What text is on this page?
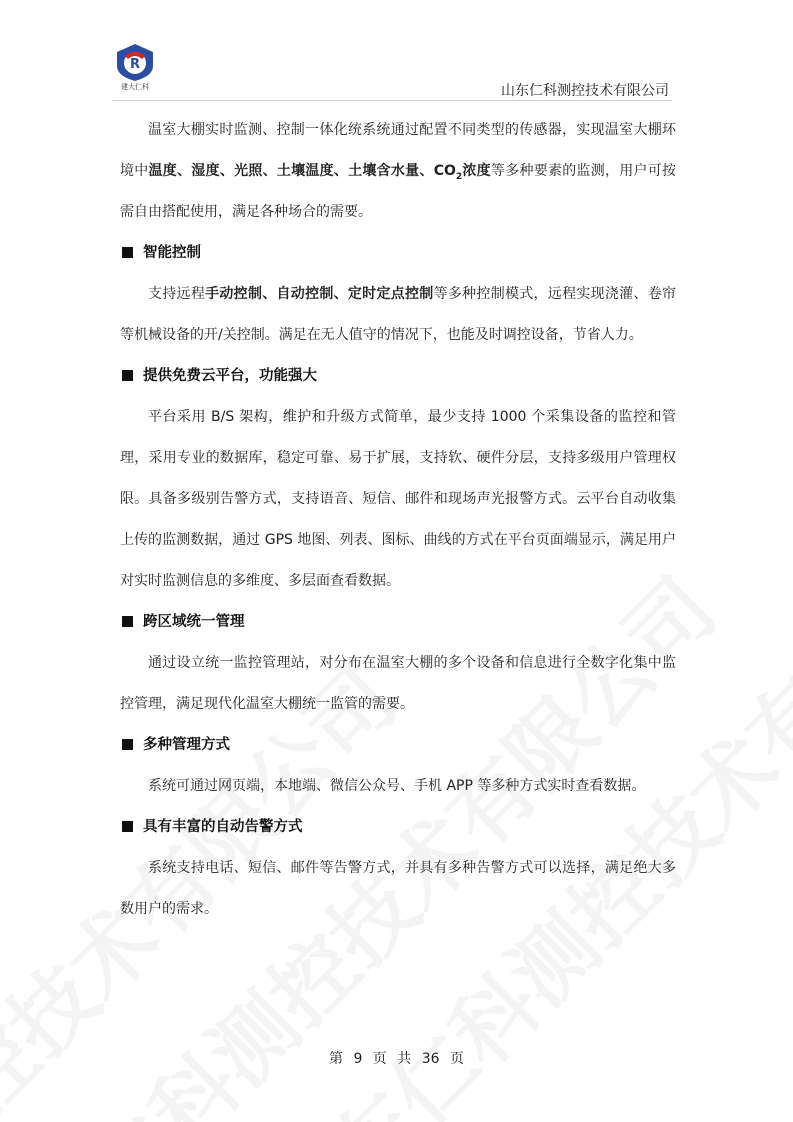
R
建大仁科	山东仁科测控技术有限公司

温室大棚实时监测、控制一体化统系统通过配置不同类型的传感器，实现温室大棚环境中温度、湿度、光照、土壤温度、土壤含水量、$CO_2$浓度等多种要素的监测，用户可按需自由搭配使用，满足各种场合的需要。

智能控制

支持远程手动控制、自动控制、定时定点控制等多种控制模式，远程实现浇灌、卷帘等机械设备的开/关控制。满足在无人值守的情况下，也能及时调控设备，节省人力。

提供免费云平台，功能强大

平台采用 B/S 架构，维护和升级方式简单，最少支持 1000 个采集设备的监控和管理，采用专业的数据库，稳定可靠、易于扩展，支持软、硬件分层，支持多级用户管理权限。具备多级别告警方式，支持语音、短信、邮件和现场声光报警方式。云平台自动收集上传的监测数据，通过 GPS 地图、列表、图标、曲线的方式在平台页面端显示，满足用户对实时监测信息的多维度、多层面查看数据。

跨区域统一管理

通过设立统一监控管理站，对分布在温室大棚的多个设备和信息进行全数字化集中监控管理，满足现代化温室大棚统一监管的需要。

多种管理方式

系统可通过网页端，本地端、微信公众号、手机 APP 等多种方式实时查看数据。

具有丰富的自动告警方式

系统支持电话、短信、邮件等告警方式，并具有多种告警方式可以选择，满足绝大多数用户的需求。

第 9 页 共 36 页
